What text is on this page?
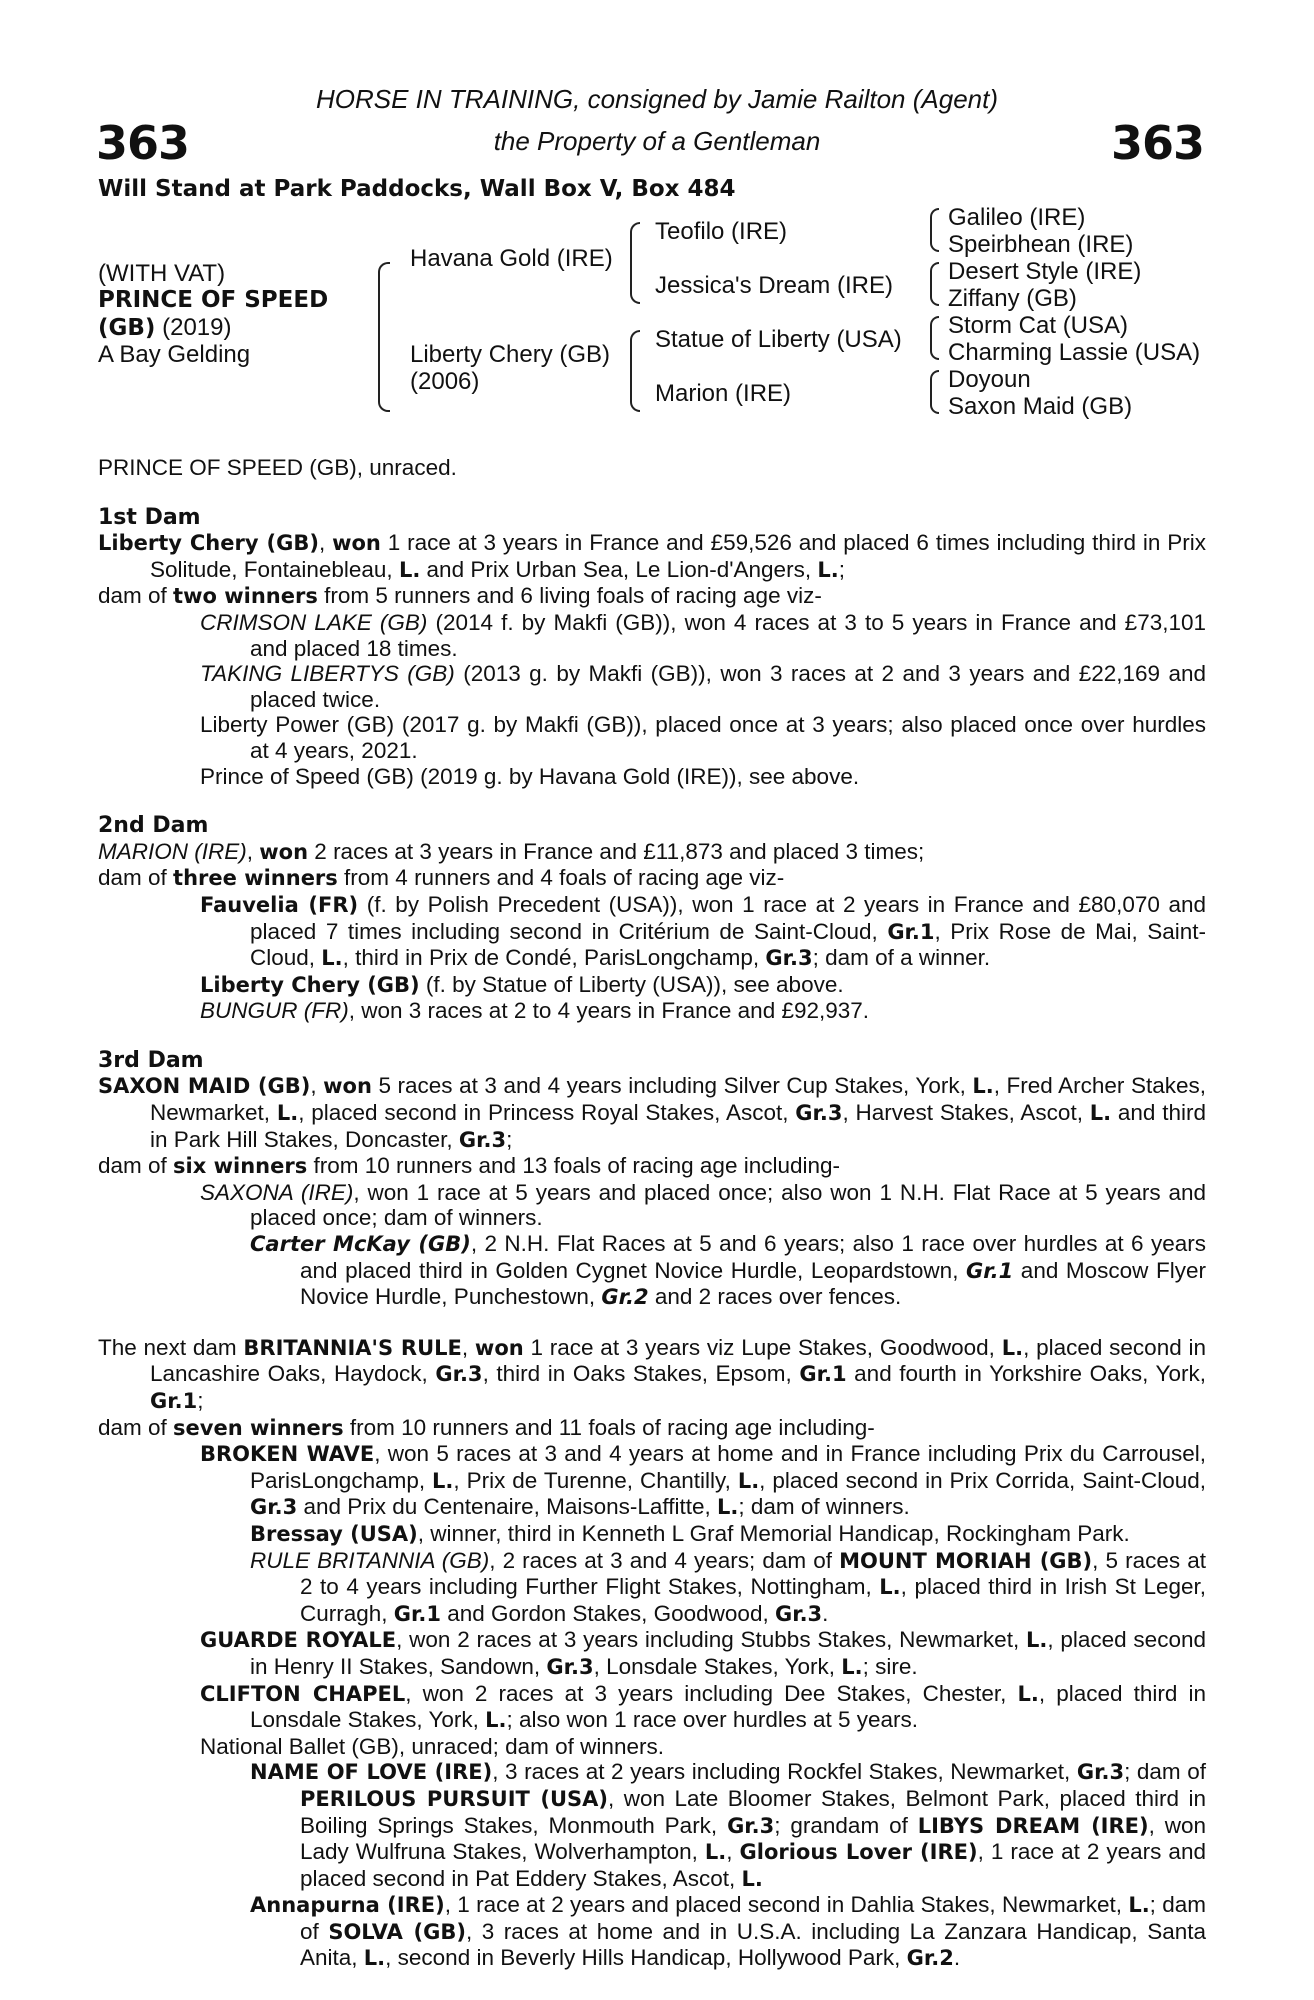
363	363
HORSE IN TRAINING, consigned by Jamie Railton (Agent)
the Property of a Gentleman
Will Stand at Park Paddocks, Wall Box V, Box 484
(WITH VAT)
PRINCE OF SPEED
(GB) (2019)
A Bay Gelding
Havana Gold (IRE)
Liberty Chery (GB)
(2006)
Teofilo (IRE)
Jessica's Dream (IRE)
Statue of Liberty (USA)
Marion (IRE)
Galileo (IRE)
Speirbhean (IRE)
Desert Style (IRE)
Ziffany (GB)
Storm Cat (USA)
Charming Lassie (USA)
Doyoun
Saxon Maid (GB)

PRINCE OF SPEED (GB), unraced.

1st Dam

Liberty Chery (GB), won 1 race at 3 years in France and £59,526 and placed 6 times including third in Prix Solitude, Fontainebleau, L. and Prix Urban Sea, Le Lion-d'Angers, L.;

dam of two winners from 5 runners and 6 living foals of racing age viz-

CRIMSON LAKE (GB) (2014 f. by Makfi (GB)), won 4 races at 3 to 5 years in France and £73,101 and placed 18 times.

TAKING LIBERTYS (GB) (2013 g. by Makfi (GB)), won 3 races at 2 and 3 years and £22,169 and placed twice.

Liberty Power (GB) (2017 g. by Makfi (GB)), placed once at 3 years; also placed once over hurdles at 4 years, 2021.

Prince of Speed (GB) (2019 g. by Havana Gold (IRE)), see above.

2nd Dam

MARION (IRE), won 2 races at 3 years in France and £11,873 and placed 3 times;

dam of three winners from 4 runners and 4 foals of racing age viz-

Fauvelia (FR) (f. by Polish Precedent (USA)), won 1 race at 2 years in France and £80,070 and placed 7 times including second in Critérium de Saint-Cloud, Gr.1, Prix Rose de Mai, Saint-Cloud, L., third in Prix de Condé, ParisLongchamp, Gr.3; dam of a winner.

Liberty Chery (GB) (f. by Statue of Liberty (USA)), see above.

BUNGUR (FR), won 3 races at 2 to 4 years in France and £92,937.

3rd Dam

SAXON MAID (GB), won 5 races at 3 and 4 years including Silver Cup Stakes, York, L., Fred Archer Stakes, Newmarket, L., placed second in Princess Royal Stakes, Ascot, Gr.3, Harvest Stakes, Ascot, L. and third in Park Hill Stakes, Doncaster, Gr.3;

dam of six winners from 10 runners and 13 foals of racing age including-

SAXONA (IRE), won 1 race at 5 years and placed once; also won 1 N.H. Flat Race at 5 years and placed once; dam of winners.

Carter McKay (GB), 2 N.H. Flat Races at 5 and 6 years; also 1 race over hurdles at 6 years and placed third in Golden Cygnet Novice Hurdle, Leopardstown, Gr.1 and Moscow Flyer Novice Hurdle, Punchestown, Gr.2 and 2 races over fences.

The next dam BRITANNIA'S RULE, won 1 race at 3 years viz Lupe Stakes, Goodwood, L., placed second in Lancashire Oaks, Haydock, Gr.3, third in Oaks Stakes, Epsom, Gr.1 and fourth in Yorkshire Oaks, York, Gr.1;

dam of seven winners from 10 runners and 11 foals of racing age including-

BROKEN WAVE, won 5 races at 3 and 4 years at home and in France including Prix du Carrousel, ParisLongchamp, L., Prix de Turenne, Chantilly, L., placed second in Prix Corrida, Saint-Cloud, Gr.3 and Prix du Centenaire, Maisons-Laffitte, L.; dam of winners.

Bressay (USA), winner, third in Kenneth L Graf Memorial Handicap, Rockingham Park.

RULE BRITANNIA (GB), 2 races at 3 and 4 years; dam of MOUNT MORIAH (GB), 5 races at 2 to 4 years including Further Flight Stakes, Nottingham, L., placed third in Irish St Leger, Curragh, Gr.1 and Gordon Stakes, Goodwood, Gr.3.

GUARDE ROYALE, won 2 races at 3 years including Stubbs Stakes, Newmarket, L., placed second in Henry II Stakes, Sandown, Gr.3, Lonsdale Stakes, York, L.; sire.

CLIFTON CHAPEL, won 2 races at 3 years including Dee Stakes, Chester, L., placed third in Lonsdale Stakes, York, L.; also won 1 race over hurdles at 5 years.

National Ballet (GB), unraced; dam of winners.

NAME OF LOVE (IRE), 3 races at 2 years including Rockfel Stakes, Newmarket, Gr.3; dam of PERILOUS PURSUIT (USA), won Late Bloomer Stakes, Belmont Park, placed third in Boiling Springs Stakes, Monmouth Park, Gr.3; grandam of LIBYS DREAM (IRE), won Lady Wulfruna Stakes, Wolverhampton, L., Glorious Lover (IRE), 1 race at 2 years and placed second in Pat Eddery Stakes, Ascot, L.

Annapurna (IRE), 1 race at 2 years and placed second in Dahlia Stakes, Newmarket, L.; dam of SOLVA (GB), 3 races at home and in U.S.A. including La Zanzara Handicap, Santa Anita, L., second in Beverly Hills Handicap, Hollywood Park, Gr.2.
